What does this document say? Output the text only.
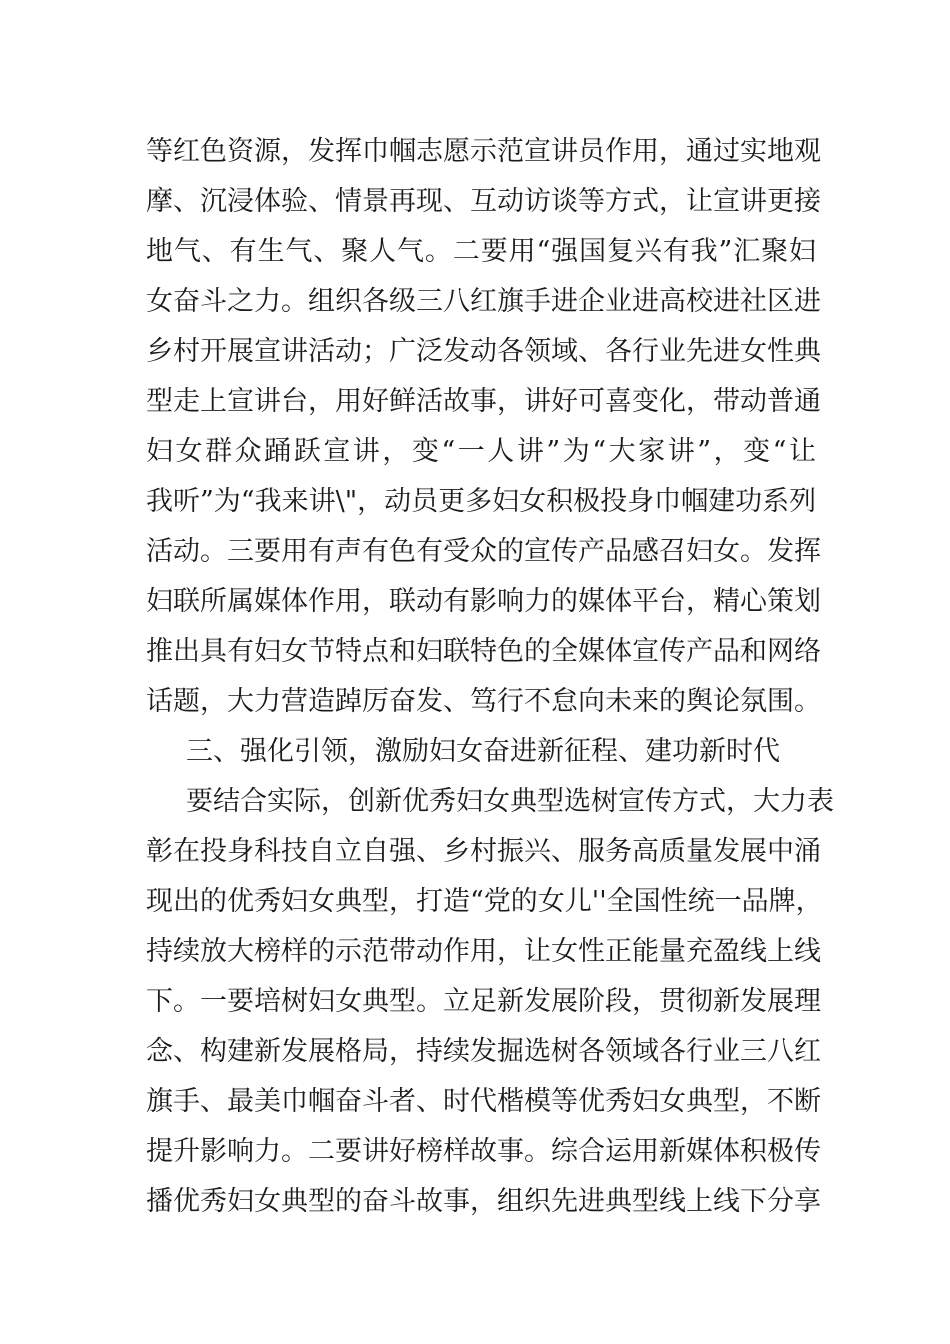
等红色资源，发挥巾帼志愿示范宣讲员作用，通过实地观
摩、沉浸体验、情景再现、互动访谈等方式，让宣讲更接
地气、有生气、聚人气。二要用“强国复兴有我”汇聚妇
女奋斗之力。组织各级三八红旗手进企业进高校进社区进
乡村开展宣讲活动；广泛发动各领域、各行业先进女性典
型走上宣讲台，用好鲜活故事，讲好可喜变化，带动普通
妇女群众踊跃宣讲，变“一人讲”为“大家讲”，变“让
我听”为“我来讲\"，动员更多妇女积极投身巾帼建功系列
活动。三要用有声有色有受众的宣传产品感召妇女。发挥
妇联所属媒体作用，联动有影响力的媒体平台，精心策划
推出具有妇女节特点和妇联特色的全媒体宣传产品和网络
话题，大力营造踔厉奋发、笃行不怠向未来的舆论氛围。
三、强化引领，激励妇女奋进新征程、建功新时代
要结合实际，创新优秀妇女典型选树宣传方式，大力表
彰在投身科技自立自强、乡村振兴、服务高质量发展中涌
现出的优秀妇女典型，打造“党的女儿''全国性统一品牌，
持续放大榜样的示范带动作用，让女性正能量充盈线上线
下。一要培树妇女典型。立足新发展阶段，贯彻新发展理
念、构建新发展格局，持续发掘选树各领域各行业三八红
旗手、最美巾帼奋斗者、时代楷模等优秀妇女典型，不断
提升影响力。二要讲好榜样故事。综合运用新媒体积极传
播优秀妇女典型的奋斗故事，组织先进典型线上线下分享
